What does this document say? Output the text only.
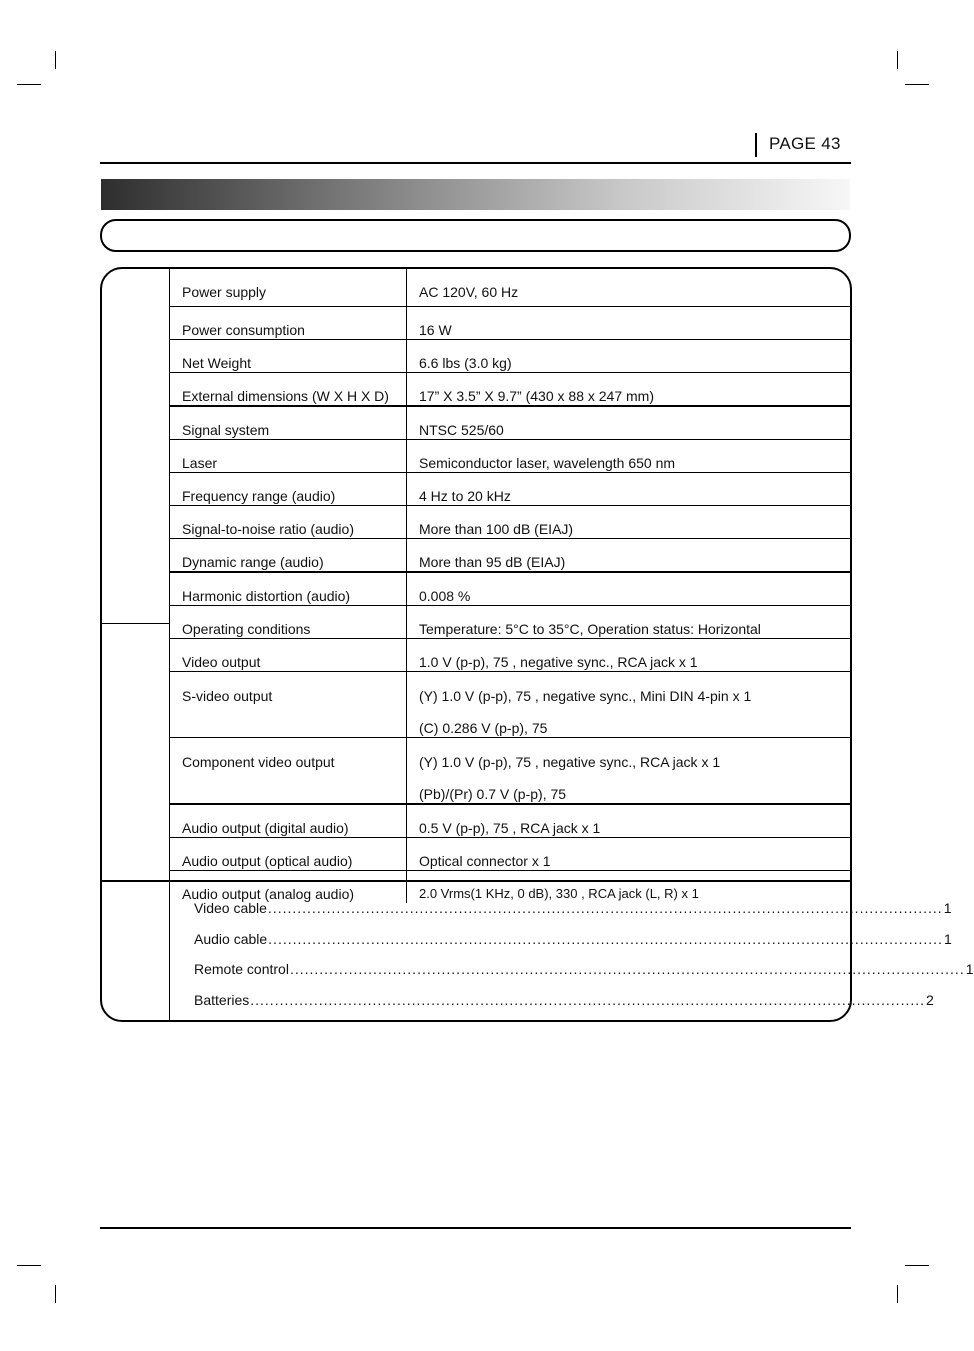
PAGE 43
Power supply	AC 120V, 60 Hz
Power consumption	16 W
Net Weight	6.6 lbs (3.0 kg)
External dimensions (W X H X D)	17” X 3.5” X 9.7” (430 x 88 x 247 mm)
Signal system	NTSC 525/60
Laser	Semiconductor laser, wavelength 650 nm
Frequency range (audio)	4 Hz to 20 kHz
Signal-to-noise ratio (audio)	More than 100 dB (EIAJ)
Dynamic range (audio)	More than 95 dB (EIAJ)
Harmonic distortion (audio)	0.008 %
Operating conditions	Temperature: 5°C to 35°C, Operation status: Horizontal
Video output	1.0 V (p-p), 75 , negative sync., RCA jack x 1
S-video output	(Y) 1.0 V (p-p), 75 , negative sync., Mini DIN 4-pin x 1
(C) 0.286 V (p-p), 75

Component video output	(Y) 1.0 V (p-p), 75 , negative sync., RCA jack x 1
(Pb)/(Pr) 0.7 V (p-p), 75

Audio output (digital audio)	0.5 V (p-p), 75 , RCA jack x 1
Audio output (optical audio)	Optical connector x 1
Audio output (analog audio)	2.0 Vrms(1 KHz, 0 dB), 330 , RCA jack (L, R) x 1
Video cable .......................................................................................................................................... 1
Audio cable .......................................................................................................................................... 1
Remote control .......................................................................................................................................... 1
Batteries .......................................................................................................................................... 2
